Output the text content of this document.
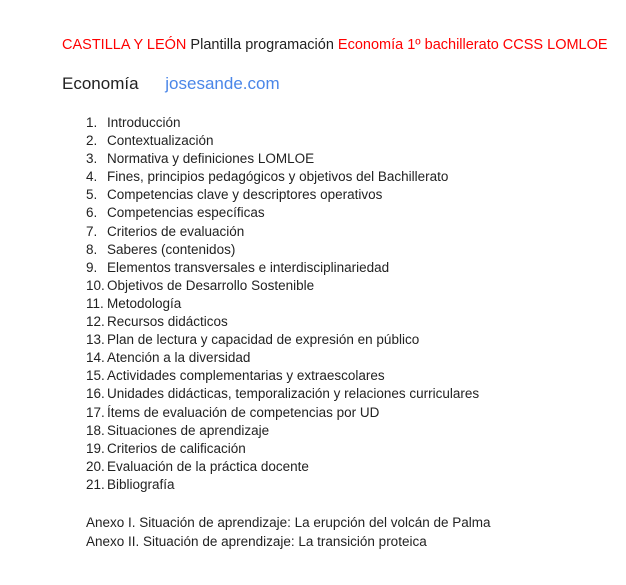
CASTILLA Y LEÓN Plantilla programación Economía 1º bachillerato CCSS LOMLOE
Economía josesande.com
1. Introducción
2. Contextualización
3. Normativa y definiciones LOMLOE
4. Fines, principios pedagógicos y objetivos del Bachillerato
5. Competencias clave y descriptores operativos
6. Competencias específicas
7. Criterios de evaluación
8. Saberes (contenidos)
9. Elementos transversales e interdisciplinariedad
10. Objetivos de Desarrollo Sostenible
11. Metodología
12. Recursos didácticos
13. Plan de lectura y capacidad de expresión en público
14. Atención a la diversidad
15. Actividades complementarias y extraescolares
16. Unidades didácticas, temporalización y relaciones curriculares
17. Ítems de evaluación de competencias por UD
18. Situaciones de aprendizaje
19. Criterios de calificación
20. Evaluación de la práctica docente
21. Bibliografía
Anexo I. Situación de aprendizaje: La erupción del volcán de Palma
Anexo II. Situación de aprendizaje: La transición proteica
